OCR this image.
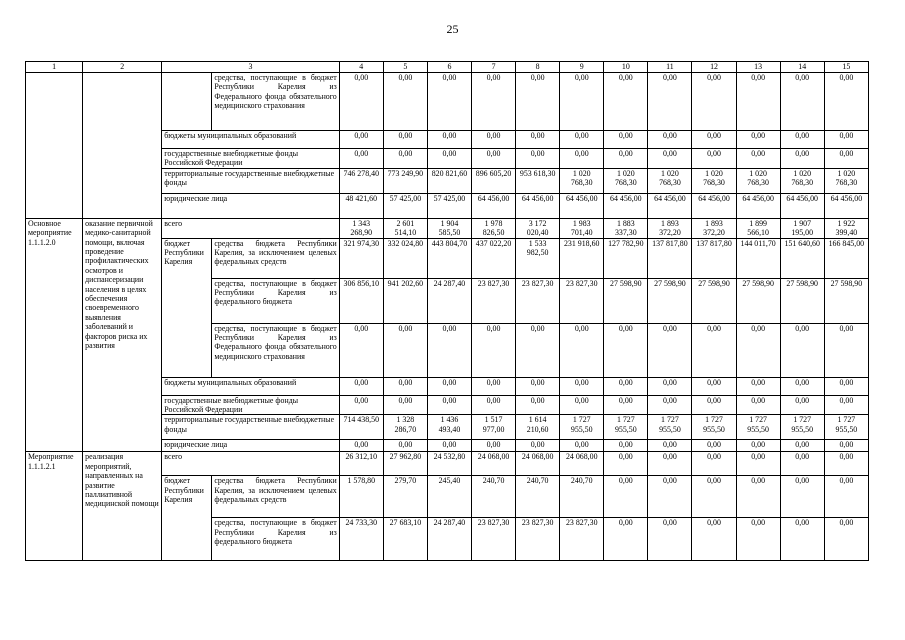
25
1	2	3		4	5	6	7	8	9	10	11	12	13	14	15
			средства, поступающие в бюджет Республики Карелия из Федерального фонда обязательного медицинского страхования	0,00	0,00	0,00	0,00	0,00	0,00	0,00	0,00	0,00	0,00	0,00	0,00
		бюджеты муниципальных образований		0,00	0,00	0,00	0,00	0,00	0,00	0,00	0,00	0,00	0,00	0,00	0,00
		государственные внебюджетные фонды Российской Федерации		0,00	0,00	0,00	0,00	0,00	0,00	0,00	0,00	0,00	0,00	0,00	0,00
		территориальные государственные внебюджетные фонды		746 278,40	773 249,90	820 821,60	896 605,20	953 618,30	1 020 768,30	1 020 768,30	1 020 768,30	1 020 768,30	1 020 768,30	1 020 768,30	1 020 768,30
		юридические лица		48 421,60	57 425,00	57 425,00	64 456,00	64 456,00	64 456,00	64 456,00	64 456,00	64 456,00	64 456,00	64 456,00	64 456,00
Основное мероприятие 1.1.1.2.0	оказание первичной медико-санитарной помощи, включая проведение профилактических осмотров и диспансеризации населения в целях обеспечения своевременного выявления заболеваний и факторов риска их развития	всего		1 343 268,90	2 601 514,10	1 904 585,50	1 978 826,50	3 172 020,40	1 983 701,40	1 883 337,30	1 893 372,20	1 893 372,20	1 899 566,10	1 907 195,00	1 922 399,40
		бюджет Республики Карелия	средства бюджета Республики Карелия, за исключением целевых федеральных средств	321 974,30	332 024,80	443 804,70	437 022,20	1 533 982,50	231 918,60	127 782,90	137 817,80	137 817,80	144 011,70	151 640,60	166 845,00
			средства, поступающие в бюджет Республики Карелия из федерального бюджета	306 856,10	941 202,60	24 287,40	23 827,30	23 827,30	23 827,30	27 598,90	27 598,90	27 598,90	27 598,90	27 598,90	27 598,90
			средства, поступающие в бюджет Республики Карелия из Федерального фонда обязательного медицинского страхования	0,00	0,00	0,00	0,00	0,00	0,00	0,00	0,00	0,00	0,00	0,00	0,00
		бюджеты муниципальных образований		0,00	0,00	0,00	0,00	0,00	0,00	0,00	0,00	0,00	0,00	0,00	0,00
		государственные внебюджетные фонды Российской Федерации		0,00	0,00	0,00	0,00	0,00	0,00	0,00	0,00	0,00	0,00	0,00	0,00
		территориальные государственные внебюджетные фонды		714 438,50	1 328 286,70	1 436 493,40	1 517 977,00	1 614 210,60	1 727 955,50	1 727 955,50	1 727 955,50	1 727 955,50	1 727 955,50	1 727 955,50	1 727 955,50
		юридические лица		0,00	0,00	0,00	0,00	0,00	0,00	0,00	0,00	0,00	0,00	0,00	0,00
Мероприятие 1.1.1.2.1	реализация мероприятий, направленных на развитие паллиативной медицинской помощи	всего		26 312,10	27 962,80	24 532,80	24 068,00	24 068,00	24 068,00	0,00	0,00	0,00	0,00	0,00	0,00
		бюджет Республики Карелия	средства бюджета Республики Карелия, за исключением целевых федеральных средств	1 578,80	279,70	245,40	240,70	240,70	240,70	0,00	0,00	0,00	0,00	0,00	0,00
			средства, поступающие в бюджет Республики Карелия из федерального бюджета	24 733,30	27 683,10	24 287,40	23 827,30	23 827,30	23 827,30	0,00	0,00	0,00	0,00	0,00	0,00
